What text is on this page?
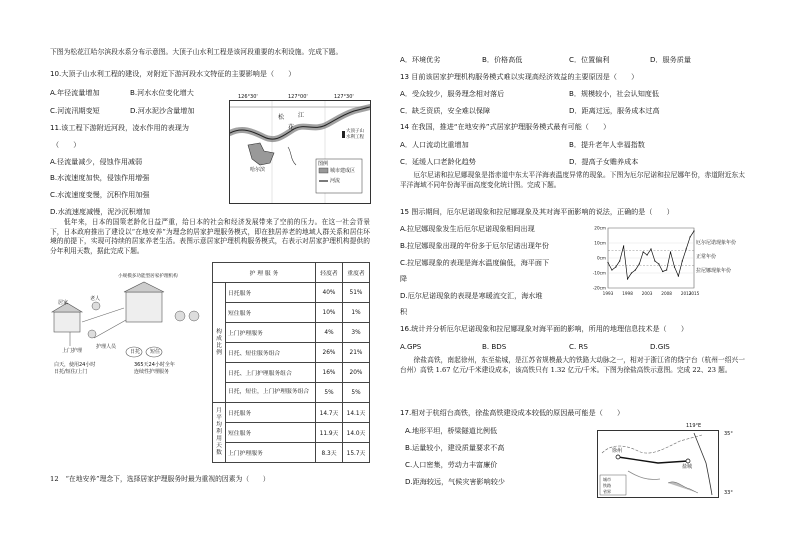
下图为松花江哈尔滨段水系分布示意图。大顶子山水利工程是该河段重要的水利设施。完成下题。
10.大顶子山水利工程的建设，对附近下游河段水文特征的主要影响是（　　）
A.年径流量增加	B.河水水位变化增大
C.河流汛期变短	D.河水泥沙含量增加
11.该工程下游附近河段，凌水作用的表现为
（　　）
A.径流量减少，侵蚀作用减弱
B.水流速度加快，侵蚀作用增强
C.水流速度变慢，沉积作用加强
D.水流速度减慢，泥沙沉积增加
126°30'	127°00'	127°30'
松
花
江
哈尔滨
大顶子山水利工程
图例
城市建成区
河流
　　低年来，日本的国策老龄化日益严重，给日本的社会和经济发展带来了空前的压力。在这一社会背景下，日本政府推出了建设以“在地安养”为理念的居家护理服务模式，即在独居养老的地域人群关系和居住环境的前提下，实现可持续的居家养老生活。表图示意居家护理机构服务模式，右表示对居家护理机构提供的分年利用天数，据此完成下题。
小规模多功能型居家护理机构
居家
老人
上门护理
护理人员
日托 短住
白天，使用24小时
日托/短住/上门
365天24小时全年
连续性护理服务
护 理 服 务		轻度者	重度者
构成比例	日托服务	40%	51%
	短住服务	10%	1%
	上门护理服务	4%	3%
	日托、短住服务组合	26%	21%
	日托、上门护理服务组合	16%	20%
	日托，短住，上门护理服务组合	5%	5%
月平均利用天数	日托服务	14.7天	14.1天
	短住服务	11.9天	14.0天
	上门护理服务	8.3天	15.7天
12　“在地安养”理念下，选择居家护理服务时最为重视的因素为（　　）
A．环境优劣	B．价格高低	C．位置偏利	D．服务质量
13 目前该居家护理机构服务模式难以实现高经济效益的主要原因是（　　）
A．受众较少，服务理念相对落后	B．规模较小，社会认知度低
C．缺乏资质，安全难以保障	D．距离过远，服务成本过高
14 在我国，推进“在地安养”式居家护理服务模式最有可能（　　）
A．人口流动比重增加	B．提升老年人幸福指数
C．延缓人口老龄化趋势	D．提高子女赡养成本
　　厄尔尼诺和拉尼娜现象是指赤道中东太平洋海表温度异常的现象。下图为厄尔尼诺和拉尼娜年份，赤道附近东太平洋海域不同年份海平面高度变化统计图。完成下题。
15 图示期间，厄尔尼诺现象和拉尼娜现象及其对海平面影响的说法，正确的是（　　）
A.拉尼娜现象发生后厄尔尼诺现象相间出现
B.拉尼娜现象出现的年份多于厄尔尼诺出现年份
C.拉尼娜现象的表现是海水温度偏低，海平面下
降
D.厄尔尼诺现象的表现是寒暖流交汇，海水堆
积
20cm
10cm
0cm
-10cm
-20cm
1993 1998 2003 2008 2013
2015
厄尔尼诺现象年份
正常年份
拉尼娜现象年份
16.统计并分析厄尔尼诺现象和拉尼娜现象对海平面的影响，所用的地理信息技术是（　　）
A.GPS	B. BDS	C. RS	D.GIS
　　徐盐高铁，南起徐州，东至盐城，是江苏省规模最大的铁路大动脉之一，相对于浙江省的绕宁台（杭州一绍兴一台州）高铁 1.67 亿元/千米建设成本，该高铁只有 1.32 亿元/千米。下图为徐盐高铁示意图。完成 22、23 题。
17.相对于杭绍台高铁，徐盐高铁建设成本较低的原因最可能是（　　）
A.地形平坦，桥梁隧道比例低
B.运量较小，建设质量要求不高
C.人口密集，劳动力丰富廉价
D.距海较远，气候灾害影响较少
徐州
盐城
城市
铁路
省界
119°E
35°
33°
